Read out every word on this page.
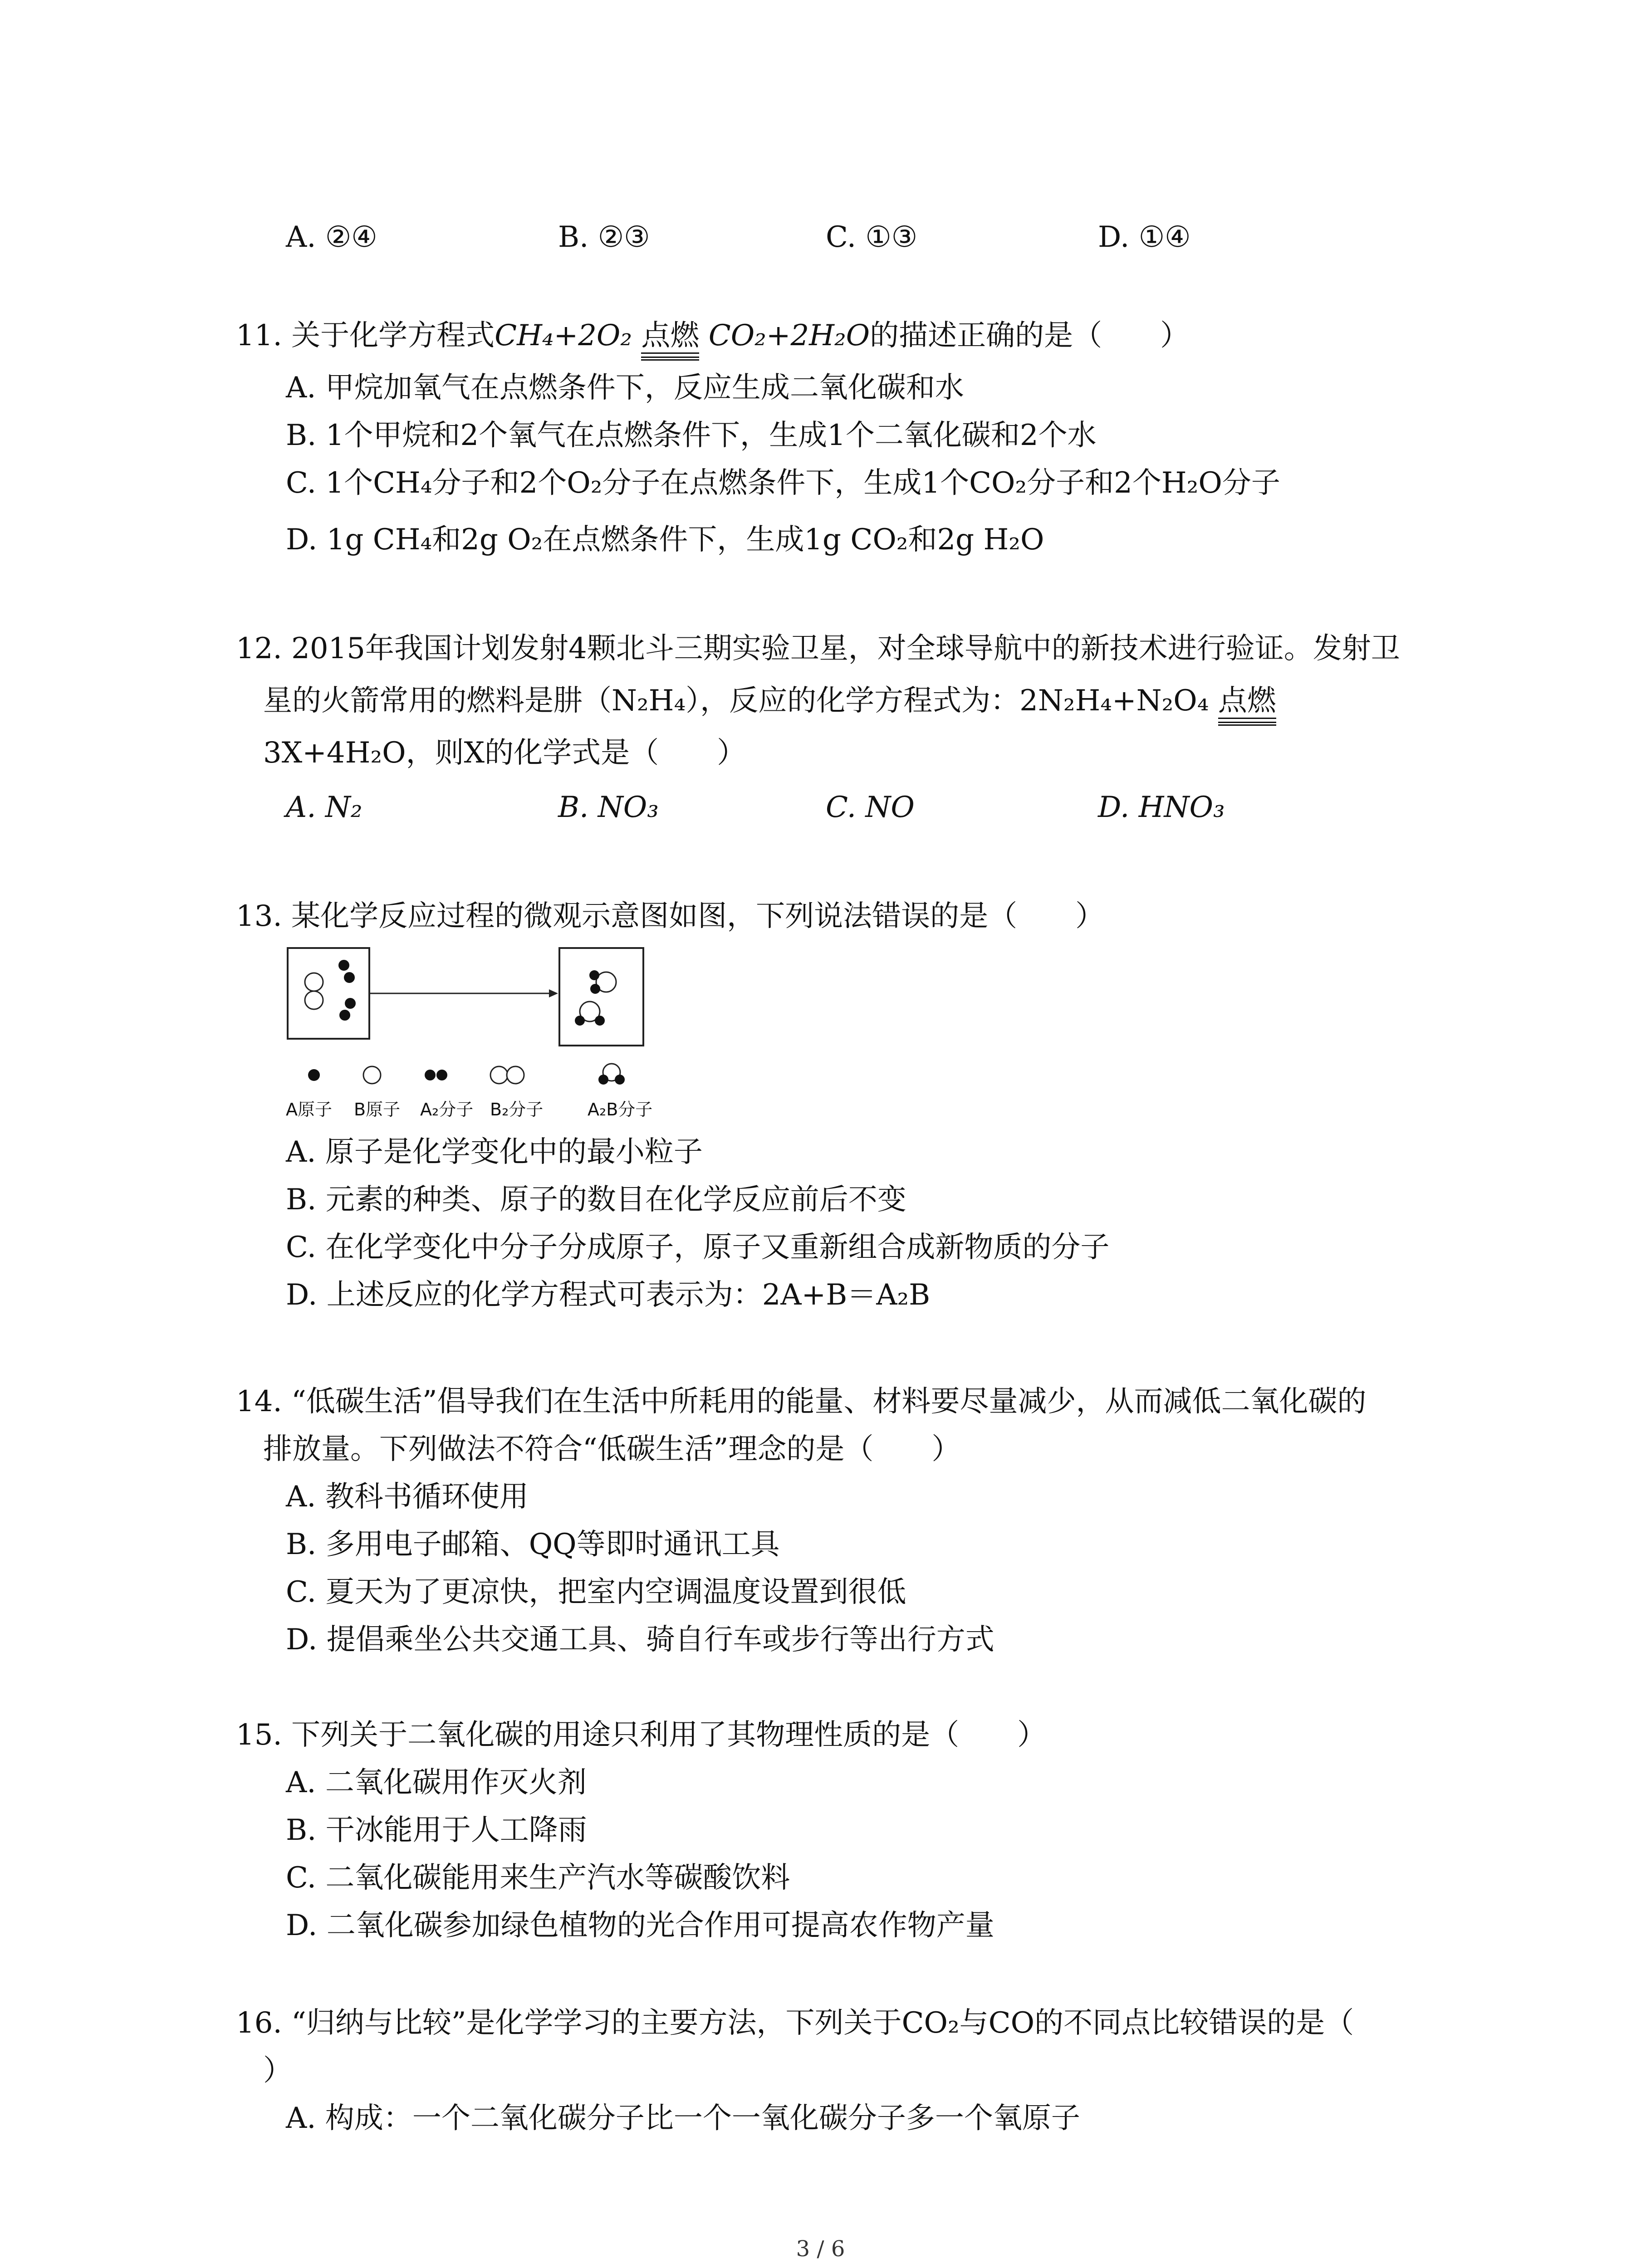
A. ②④	B. ②③	C. ①③	D. ①④
11. 关于化学方程式CH₄+2O₂ 点燃 CO₂+2H₂O的描述正确的是（　　）
A. 甲烷加氧气在点燃条件下，反应生成二氧化碳和水
B. 1个甲烷和2个氧气在点燃条件下，生成1个二氧化碳和2个水
C. 1个CH₄分子和2个O₂分子在点燃条件下，生成1个CO₂分子和2个H₂O分子
D. 1g CH₄和2g O₂在点燃条件下，生成1g CO₂和2g H₂O
12. 2015年我国计划发射4颗北斗三期实验卫星，对全球导航中的新技术进行验证。发射卫
星的火箭常用的燃料是肼（N₂H₄），反应的化学方程式为：2N₂H₄+N₂O₄ 点燃
3X+4H₂O，则X的化学式是（　　）
A. N₂	B. NO₃	C. NO	D. HNO₃
13. 某化学反应过程的微观示意图如图，下列说法错误的是（　　）
A原子 B原子 A₂分子 B₂分子	A₂B分子
A. 原子是化学变化中的最小粒子
B. 元素的种类、原子的数目在化学反应前后不变
C. 在化学变化中分子分成原子，原子又重新组合成新物质的分子
D. 上述反应的化学方程式可表示为：2A+B＝A₂B
14. “低碳生活”倡导我们在生活中所耗用的能量、材料要尽量减少，从而减低二氧化碳的
排放量。下列做法不符合“低碳生活”理念的是（　　）
A. 教科书循环使用
B. 多用电子邮箱、QQ等即时通讯工具
C. 夏天为了更凉快，把室内空调温度设置到很低
D. 提倡乘坐公共交通工具、骑自行车或步行等出行方式
15. 下列关于二氧化碳的用途只利用了其物理性质的是（　　）
A. 二氧化碳用作灭火剂
B. 干冰能用于人工降雨
C. 二氧化碳能用来生产汽水等碳酸饮料
D. 二氧化碳参加绿色植物的光合作用可提高农作物产量
16. “归纳与比较”是化学学习的主要方法，下列关于CO₂与CO的不同点比较错误的是（
）
A. 构成：一个二氧化碳分子比一个一氧化碳分子多一个氧原子
3 / 6
